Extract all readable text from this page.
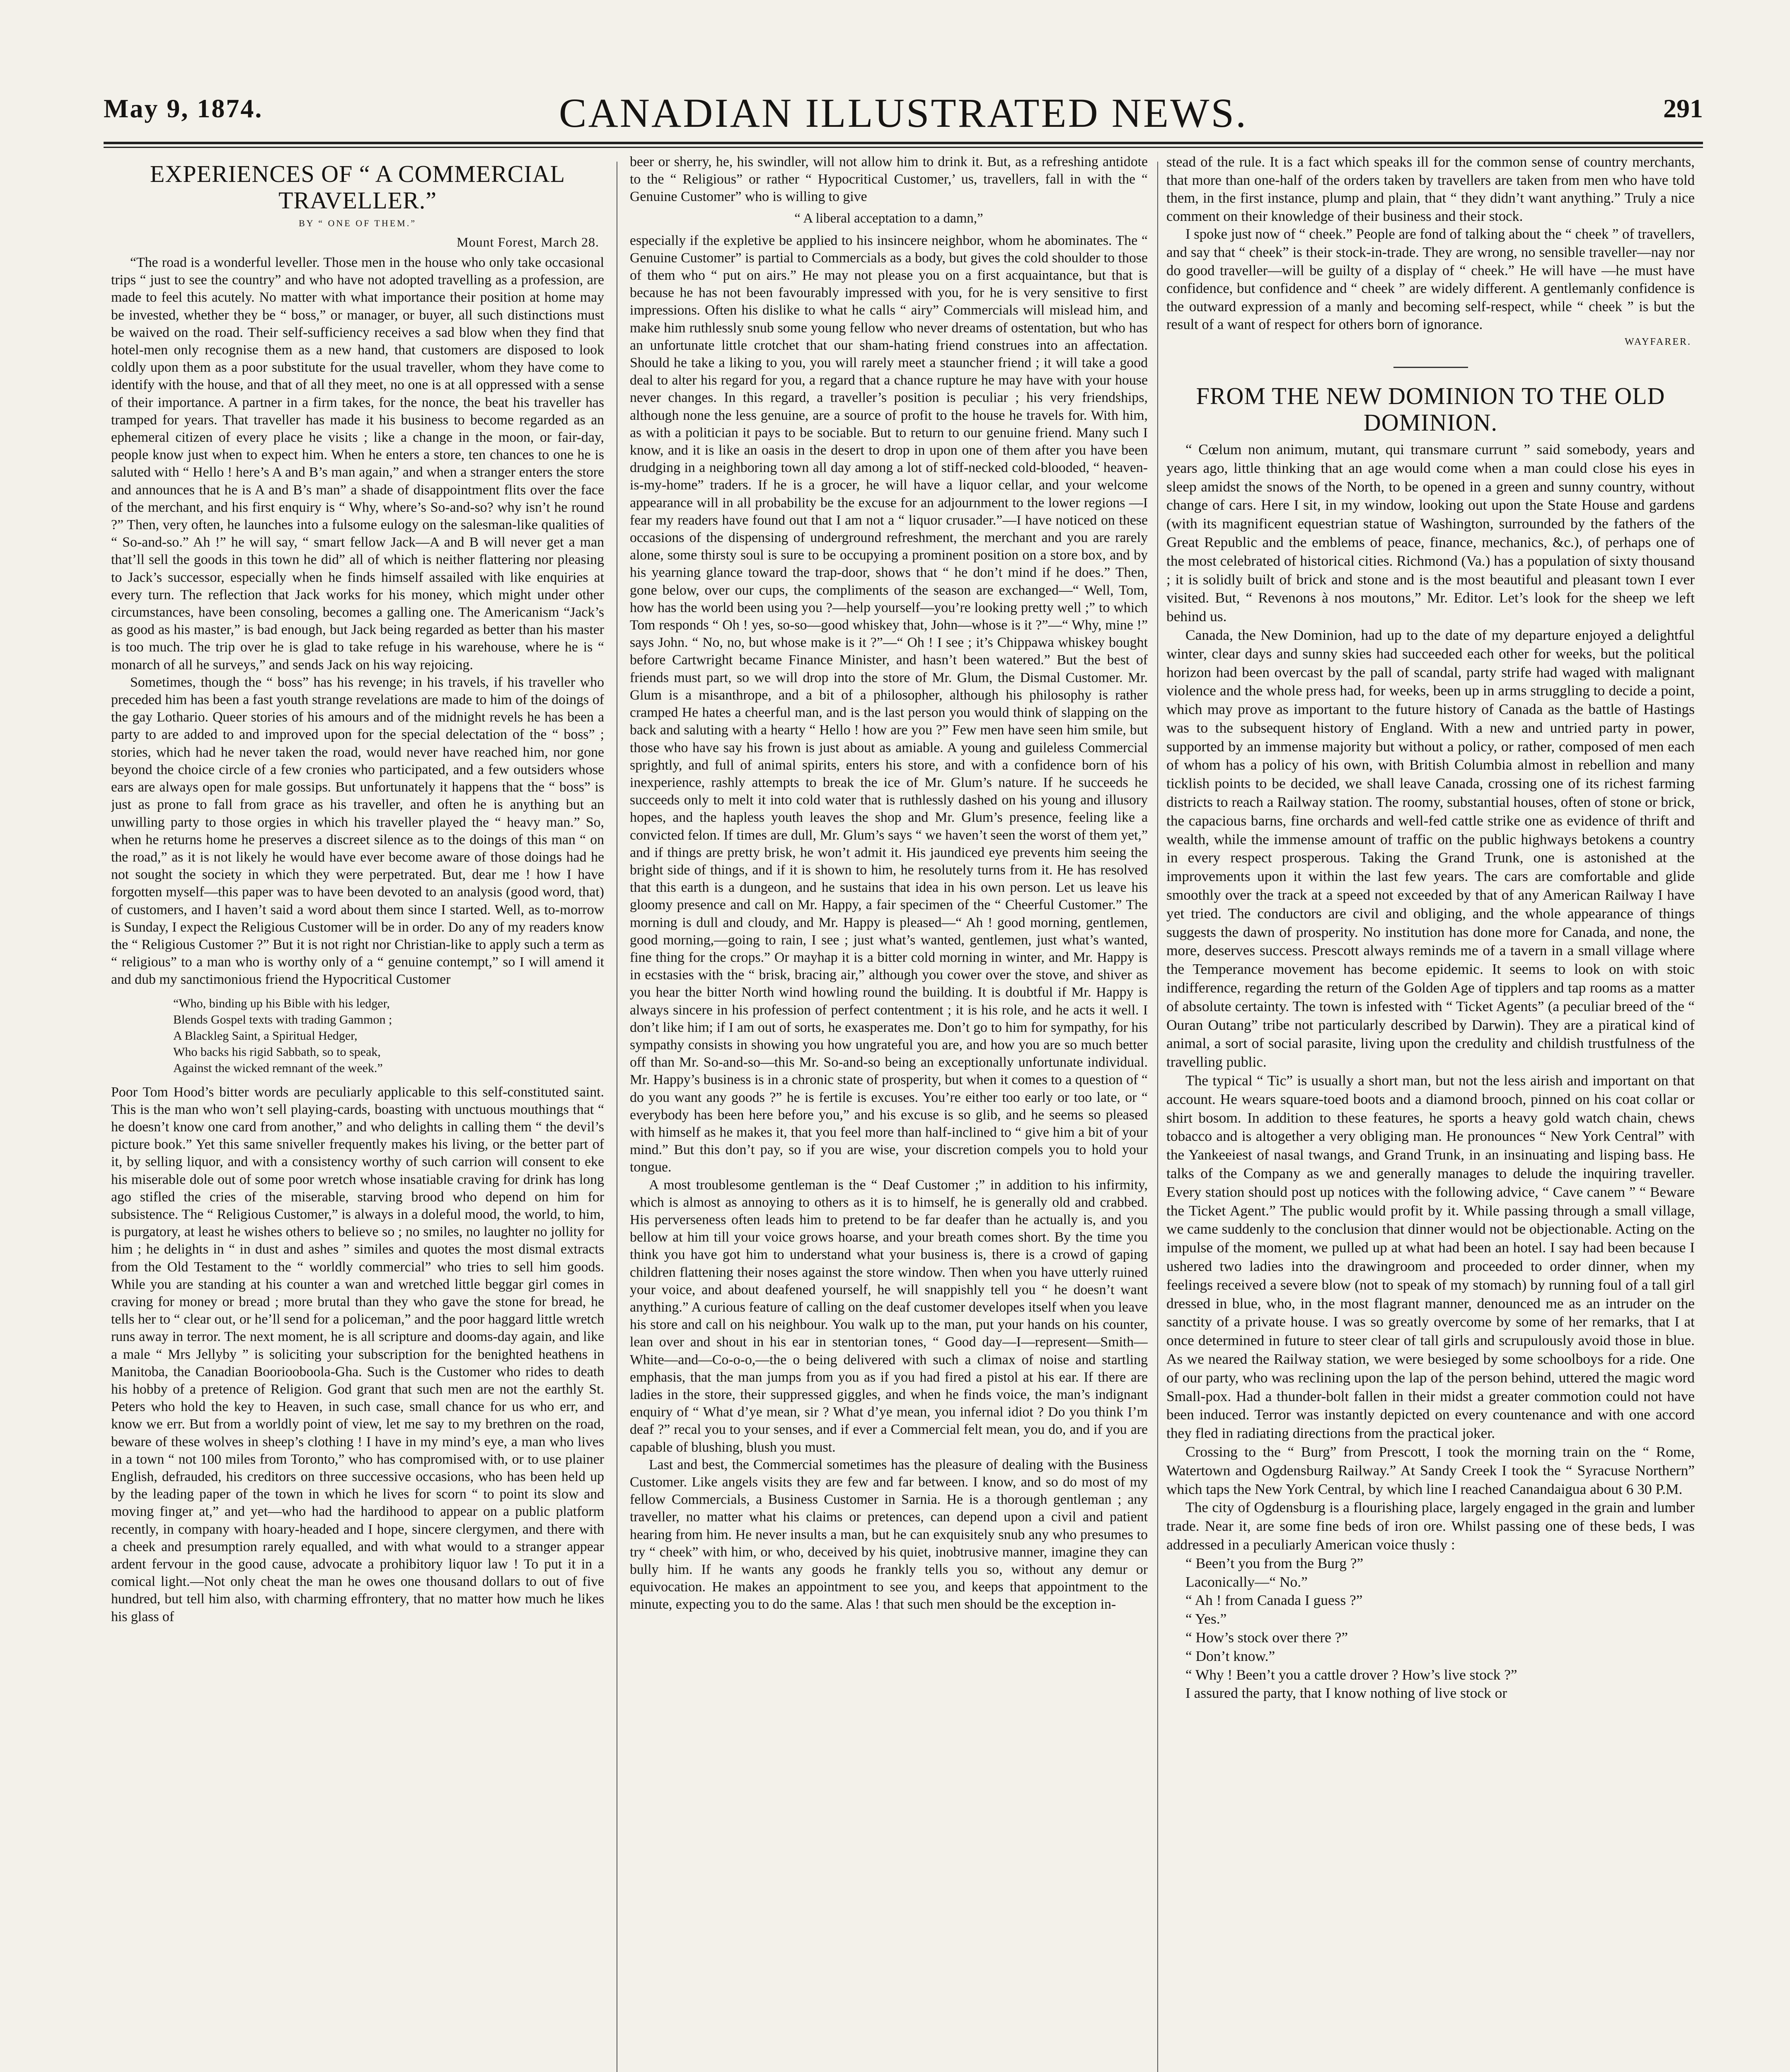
May 9, 1874.	CANADIAN ILLUSTRATED NEWS.	291
EXPERIENCES OF “ A COMMERCIAL TRAVELLER.”
BY “ ONE OF THEM.”
Mount Forest, March 28.

“The road is a wonderful leveller. Those men in the house who only take occasional trips “ just to see the country” and who have not adopted travelling as a profession, are made to feel this acutely. No matter with what importance their position at home may be invested, whether they be “ boss,” or manager, or buyer, all such distinctions must be waived on the road. Their self-sufficiency receives a sad blow when they find that hotel-men only recognise them as a new hand, that customers are disposed to look coldly upon them as a poor substitute for the usual traveller, whom they have come to identify with the house, and that of all they meet, no one is at all oppressed with a sense of their importance. A partner in a firm takes, for the nonce, the beat his traveller has tramped for years. That traveller has made it his business to become regarded as an ephemeral citizen of every place he visits ; like a change in the moon, or fair-day, people know just when to expect him. When he enters a store, ten chances to one he is saluted with “ Hello ! here’s A and B’s man again,” and when a stranger enters the store and announces that he is A and B’s man” a shade of disappointment flits over the face of the merchant, and his first enquiry is “ Why, where’s So-and-so? why isn’t he round ?” Then, very often, he launches into a fulsome eulogy on the salesman-like qualities of “ So-and-so.” Ah !” he will say, “ smart fellow Jack—A and B will never get a man that’ll sell the goods in this town he did” all of which is neither flattering nor pleasing to Jack’s successor, especially when he finds himself assailed with like enquiries at every turn. The reflection that Jack works for his money, which might under other circumstances, have been consoling, becomes a galling one. The Americanism “Jack’s as good as his master,” is bad enough, but Jack being regarded as better than his master is too much. The trip over he is glad to take refuge in his warehouse, where he is “ monarch of all he surveys,” and sends Jack on his way rejoicing.

Sometimes, though the “ boss” has his revenge; in his travels, if his traveller who preceded him has been a fast youth strange revelations are made to him of the doings of the gay Lothario. Queer stories of his amours and of the midnight revels he has been a party to are added to and improved upon for the special delectation of the “ boss” ; stories, which had he never taken the road, would never have reached him, nor gone beyond the choice circle of a few cronies who participated, and a few outsiders whose ears are always open for male gossips. But unfortunately it happens that the “ boss” is just as prone to fall from grace as his traveller, and often he is anything but an unwilling party to those orgies in which his traveller played the “ heavy man.” So, when he returns home he preserves a discreet silence as to the doings of this man “ on the road,” as it is not likely he would have ever become aware of those doings had he not sought the society in which they were perpetrated. But, dear me ! how I have forgotten myself—this paper was to have been devoted to an analysis (good word, that) of customers, and I haven’t said a word about them since I started. Well, as to-morrow is Sunday, I expect the Religious Customer will be in order. Do any of my readers know the “ Religious Customer ?” But it is not right nor Christian-like to apply such a term as “ religious” to a man who is worthy only of a “ genuine contempt,” so I will amend it and dub my sanctimonious friend the Hypocritical Customer

“Who, binding up his Bible with his ledger,

Blends Gospel texts with trading Gammon ;

A Blackleg Saint, a Spiritual Hedger,

Who backs his rigid Sabbath, so to speak,

Against the wicked remnant of the week.”

Poor Tom Hood’s bitter words are peculiarly applicable to this self-constituted saint. This is the man who won’t sell playing-cards, boasting with unctuous mouthings that “ he doesn’t know one card from another,” and who delights in calling them “ the devil’s picture book.” Yet this same sniveller frequently makes his living, or the better part of it, by selling liquor, and with a consistency worthy of such carrion will consent to eke his miserable dole out of some poor wretch whose insatiable craving for drink has long ago stifled the cries of the miserable, starving brood who depend on him for subsistence. The “ Religious Customer,” is always in a doleful mood, the world, to him, is purgatory, at least he wishes others to believe so ; no smiles, no laughter no jollity for him ; he delights in “ in dust and ashes ” similes and quotes the most dismal extracts from the Old Testament to the “ worldly commercial” who tries to sell him goods. While you are standing at his counter a wan and wretched little beggar girl comes in craving for money or bread ; more brutal than they who gave the stone for bread, he tells her to “ clear out, or he’ll send for a policeman,” and the poor haggard little wretch runs away in terror. The next moment, he is all scripture and dooms-day again, and like a male “ Mrs Jellyby ” is soliciting your subscription for the benighted heathens in Manitoba, the Canadian Booriooboola-Gha. Such is the Customer who rides to death his hobby of a pretence of Religion. God grant that such men are not the earthly St. Peters who hold the key to Heaven, in such case, small chance for us who err, and know we err. But from a worldly point of view, let me say to my brethren on the road, beware of these wolves in sheep’s clothing ! I have in my mind’s eye, a man who lives in a town “ not 100 miles from Toronto,” who has compromised with, or to use plainer English, defrauded, his creditors on three successive occasions, who has been held up by the leading paper of the town in which he lives for scorn “ to point its slow and moving finger at,” and yet—who had the hardihood to appear on a public platform recently, in company with hoary-headed and I hope, sincere clergymen, and there with a cheek and presumption rarely equalled, and with what would to a stranger appear ardent fervour in the good cause, advocate a prohibitory liquor law ! To put it in a comical light.—Not only cheat the man he owes one thousand dollars to out of five hundred, but tell him also, with charming effrontery, that no matter how much he likes his glass of

beer or sherry, he, his swindler, will not allow him to drink it. But, as a refreshing antidote to the “ Religious” or rather “ Hypocritical Customer,’ us, travellers, fall in with the “ Genuine Customer” who is willing to give

“ A liberal acceptation to a damn,”

especially if the expletive be applied to his insincere neighbor, whom he abominates. The “ Genuine Customer” is partial to Commercials as a body, but gives the cold shoulder to those of them who “ put on airs.” He may not please you on a first acquaintance, but that is because he has not been favourably impressed with you, for he is very sensitive to first impressions. Often his dislike to what he calls “ airy” Commercials will mislead him, and make him ruthlessly snub some young fellow who never dreams of ostentation, but who has an unfortunate little crotchet that our sham-hating friend construes into an affectation. Should he take a liking to you, you will rarely meet a stauncher friend ; it will take a good deal to alter his regard for you, a regard that a chance rupture he may have with your house never changes. In this regard, a traveller’s position is peculiar ; his very friendships, although none the less genuine, are a source of profit to the house he travels for. With him, as with a politician it pays to be sociable. But to return to our genuine friend. Many such I know, and it is like an oasis in the desert to drop in upon one of them after you have been drudging in a neighboring town all day among a lot of stiff-necked cold-blooded, “ heaven-is-my-home” traders. If he is a grocer, he will have a liquor cellar, and your welcome appearance will in all probability be the excuse for an adjournment to the lower regions —I fear my readers have found out that I am not a “ liquor crusader.”—I have noticed on these occasions of the dispensing of underground refreshment, the merchant and you are rarely alone, some thirsty soul is sure to be occupying a prominent position on a store box, and by his yearning glance toward the trap-door, shows that “ he don’t mind if he does.” Then, gone below, over our cups, the compliments of the season are exchanged—“ Well, Tom, how has the world been using you ?—help yourself—you’re looking pretty well ;” to which Tom responds “ Oh ! yes, so-so—good whiskey that, John—whose is it ?”—“ Why, mine !” says John. “ No, no, but whose make is it ?”—“ Oh ! I see ; it’s Chippawa whiskey bought before Cartwright became Finance Minister, and hasn’t been watered.” But the best of friends must part, so we will drop into the store of Mr. Glum, the Dismal Customer. Mr. Glum is a misanthrope, and a bit of a philosopher, although his philosophy is rather cramped He hates a cheerful man, and is the last person you would think of slapping on the back and saluting with a hearty “ Hello ! how are you ?” Few men have seen him smile, but those who have say his frown is just about as amiable. A young and guileless Commercial sprightly, and full of animal spirits, enters his store, and with a confidence born of his inexperience, rashly attempts to break the ice of Mr. Glum’s nature. If he succeeds he succeeds only to melt it into cold water that is ruthlessly dashed on his young and illusory hopes, and the hapless youth leaves the shop and Mr. Glum’s presence, feeling like a convicted felon. If times are dull, Mr. Glum’s says “ we haven’t seen the worst of them yet,” and if things are pretty brisk, he won’t admit it. His jaundiced eye prevents him seeing the bright side of things, and if it is shown to him, he resolutely turns from it. He has resolved that this earth is a dungeon, and he sustains that idea in his own person. Let us leave his gloomy presence and call on Mr. Happy, a fair specimen of the “ Cheerful Customer.” The morning is dull and cloudy, and Mr. Happy is pleased—“ Ah ! good morning, gentlemen, good morning,—going to rain, I see ; just what’s wanted, gentlemen, just what’s wanted, fine thing for the crops.” Or mayhap it is a bitter cold morning in winter, and Mr. Happy is in ecstasies with the “ brisk, bracing air,” although you cower over the stove, and shiver as you hear the bitter North wind howling round the building. It is doubtful if Mr. Happy is always sincere in his profession of perfect contentment ; it is his role, and he acts it well. I don’t like him; if I am out of sorts, he exasperates me. Don’t go to him for sympathy, for his sympathy consists in showing you how ungrateful you are, and how you are so much better off than Mr. So-and-so—this Mr. So-and-so being an exceptionally unfortunate individual. Mr. Happy’s business is in a chronic state of prosperity, but when it comes to a question of “ do you want any goods ?” he is fertile is excuses. You’re either too early or too late, or “ everybody has been here before you,” and his excuse is so glib, and he seems so pleased with himself as he makes it, that you feel more than half-inclined to “ give him a bit of your mind.” But this don’t pay, so if you are wise, your discretion compels you to hold your tongue.

A most troublesome gentleman is the “ Deaf Customer ;” in addition to his infirmity, which is almost as annoying to others as it is to himself, he is generally old and crabbed. His perverseness often leads him to pretend to be far deafer than he actually is, and you bellow at him till your voice grows hoarse, and your breath comes short. By the time you think you have got him to understand what your business is, there is a crowd of gaping children flattening their noses against the store window. Then when you have utterly ruined your voice, and about deafened yourself, he will snappishly tell you “ he doesn’t want anything.” A curious feature of calling on the deaf customer developes itself when you leave his store and call on his neighbour. You walk up to the man, put your hands on his counter, lean over and shout in his ear in stentorian tones, “ Good day—I—represent—Smith—White—and—Co-o-o,—the o being delivered with such a climax of noise and startling emphasis, that the man jumps from you as if you had fired a pistol at his ear. If there are ladies in the store, their suppressed giggles, and when he finds voice, the man’s indignant enquiry of “ What d’ye mean, sir ? What d’ye mean, you infernal idiot ? Do you think I’m deaf ?” recal you to your senses, and if ever a Commercial felt mean, you do, and if you are capable of blushing, blush you must.

Last and best, the Commercial sometimes has the pleasure of dealing with the Business Customer. Like angels visits they are few and far between. I know, and so do most of my fellow Commercials, a Business Customer in Sarnia. He is a thorough gentleman ; any traveller, no matter what his claims or pretences, can depend upon a civil and patient hearing from him. He never insults a man, but he can exquisitely snub any who presumes to try “ cheek” with him, or who, deceived by his quiet, inobtrusive manner, imagine they can bully him. If he wants any goods he frankly tells you so, without any demur or equivocation. He makes an appointment to see you, and keeps that appointment to the minute, expecting you to do the same. Alas ! that such men should be the exception in-

stead of the rule. It is a fact which speaks ill for the common sense of country merchants, that more than one-half of the orders taken by travellers are taken from men who have told them, in the first instance, plump and plain, that “ they didn’t want anything.” Truly a nice comment on their knowledge of their business and their stock.

I spoke just now of “ cheek.” People are fond of talking about the “ cheek ” of travellers, and say that “ cheek” is their stock-in-trade. They are wrong, no sensible traveller—nay nor do good traveller—will be guilty of a display of “ cheek.” He will have —he must have confidence, but confidence and “ cheek ” are widely different. A gentlemanly confidence is the outward expression of a manly and becoming self-respect, while “ cheek ” is but the result of a want of respect for others born of ignorance.

WAYFARER.
FROM THE NEW DOMINION TO THE OLD DOMINION.

“ Cœlum non animum, mutant, qui transmare currunt ” said somebody, years and years ago, little thinking that an age would come when a man could close his eyes in sleep amidst the snows of the North, to be opened in a green and sunny country, without change of cars. Here I sit, in my window, looking out upon the State House and gardens (with its magnificent equestrian statue of Washington, surrounded by the fathers of the Great Republic and the emblems of peace, finance, mechanics, &c.), of perhaps one of the most celebrated of historical cities. Richmond (Va.) has a population of sixty thousand ; it is solidly built of brick and stone and is the most beautiful and pleasant town I ever visited. But, “ Revenons à nos moutons,” Mr. Editor. Let’s look for the sheep we left behind us.

Canada, the New Dominion, had up to the date of my departure enjoyed a delightful winter, clear days and sunny skies had succeeded each other for weeks, but the political horizon had been overcast by the pall of scandal, party strife had waged with malignant violence and the whole press had, for weeks, been up in arms struggling to decide a point, which may prove as important to the future history of Canada as the battle of Hastings was to the subsequent history of England. With a new and untried party in power, supported by an immense majority but without a policy, or rather, composed of men each of whom has a policy of his own, with British Columbia almost in rebellion and many ticklish points to be decided, we shall leave Canada, crossing one of its richest farming districts to reach a Railway station. The roomy, substantial houses, often of stone or brick, the capacious barns, fine orchards and well-fed cattle strike one as evidence of thrift and wealth, while the immense amount of traffic on the public highways betokens a country in every respect prosperous. Taking the Grand Trunk, one is astonished at the improvements upon it within the last few years. The cars are comfortable and glide smoothly over the track at a speed not exceeded by that of any American Railway I have yet tried. The conductors are civil and obliging, and the whole appearance of things suggests the dawn of prosperity. No institution has done more for Canada, and none, the more, deserves success. Prescott always reminds me of a tavern in a small village where the Temperance movement has become epidemic. It seems to look on with stoic indifference, regarding the return of the Golden Age of tipplers and tap rooms as a matter of absolute certainty. The town is infested with “ Ticket Agents” (a peculiar breed of the “ Ouran Outang” tribe not particularly described by Darwin). They are a piratical kind of animal, a sort of social parasite, living upon the credulity and childish trustfulness of the travelling public.

The typical “ Tic” is usually a short man, but not the less airish and important on that account. He wears square-toed boots and a diamond brooch, pinned on his coat collar or shirt bosom. In addition to these features, he sports a heavy gold watch chain, chews tobacco and is altogether a very obliging man. He pronounces “ New York Central” with the Yankeeiest of nasal twangs, and Grand Trunk, in an insinuating and lisping bass. He talks of the Company as we and generally manages to delude the inquiring traveller. Every station should post up notices with the following advice, “ Cave canem ” “ Beware the Ticket Agent.” The public would profit by it. While passing through a small village, we came suddenly to the conclusion that dinner would not be objectionable. Acting on the impulse of the moment, we pulled up at what had been an hotel. I say had been because I ushered two ladies into the drawingroom and proceeded to order dinner, when my feelings received a severe blow (not to speak of my stomach) by running foul of a tall girl dressed in blue, who, in the most flagrant manner, denounced me as an intruder on the sanctity of a private house. I was so greatly overcome by some of her remarks, that I at once determined in future to steer clear of tall girls and scrupulously avoid those in blue. As we neared the Railway station, we were besieged by some schoolboys for a ride. One of our party, who was reclining upon the lap of the person behind, uttered the magic word Small-pox. Had a thunder-bolt fallen in their midst a greater commotion could not have been induced. Terror was instantly depicted on every countenance and with one accord they fled in radiating directions from the practical joker.

Crossing to the “ Burg” from Prescott, I took the morning train on the “ Rome, Watertown and Ogdensburg Railway.” At Sandy Creek I took the “ Syracuse Northern” which taps the New York Central, by which line I reached Canandaigua about 6 30 P.M.

The city of Ogdensburg is a flourishing place, largely engaged in the grain and lumber trade. Near it, are some fine beds of iron ore. Whilst passing one of these beds, I was addressed in a peculiarly American voice thusly :

“ Been’t you from the Burg ?”

Laconically—“ No.”

“ Ah ! from Canada I guess ?”

“ Yes.”

“ How’s stock over there ?”

“ Don’t know.”

“ Why ! Been’t you a cattle drover ? How’s live stock ?”

I assured the party, that I know nothing of live stock or
